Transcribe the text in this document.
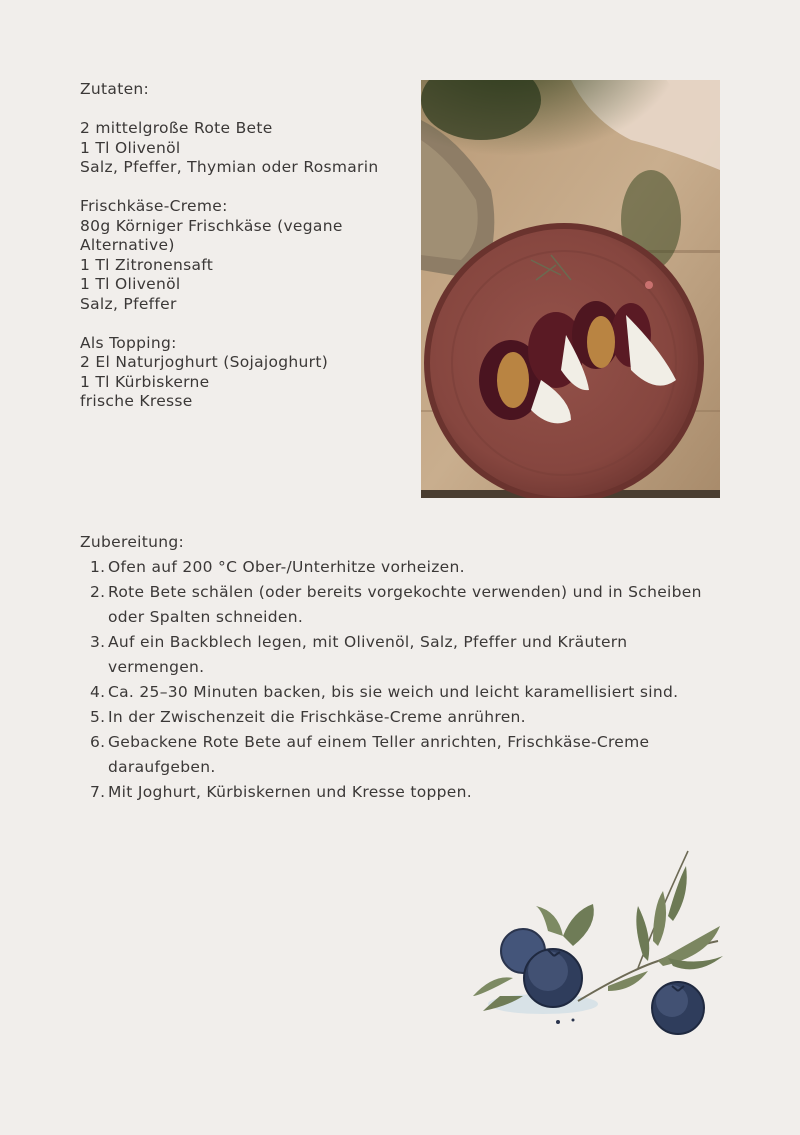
Zutaten:
2 mittelgroße Rote Bete
1 Tl Olivenöl
Salz, Pfeffer, Thymian oder Rosmarin
Frischkäse-Creme:
80g Körniger Frischkäse (vegane
Alternative)
1 Tl Zitronensaft
1 Tl Olivenöl
Salz, Pfeffer
Als Topping:
2 El Naturjoghurt (Sojajoghurt)
1 Tl Kürbiskerne
frische Kresse
Zubereitung:
1. Ofen auf 200 °C Ober-/Unterhitze vorheizen.
2. Rote Bete schälen (oder bereits vorgekochte verwenden) und in Scheiben oder Spalten schneiden.
3. Auf ein Backblech legen, mit Olivenöl, Salz, Pfeffer und Kräutern vermengen.
4. Ca. 25–30 Minuten backen, bis sie weich und leicht karamellisiert sind.
5. In der Zwischenzeit die Frischkäse-Creme anrühren.
6. Gebackene Rote Bete auf einem Teller anrichten, Frischkäse-Creme daraufgeben.
7. Mit Joghurt, Kürbiskernen und Kresse toppen.
